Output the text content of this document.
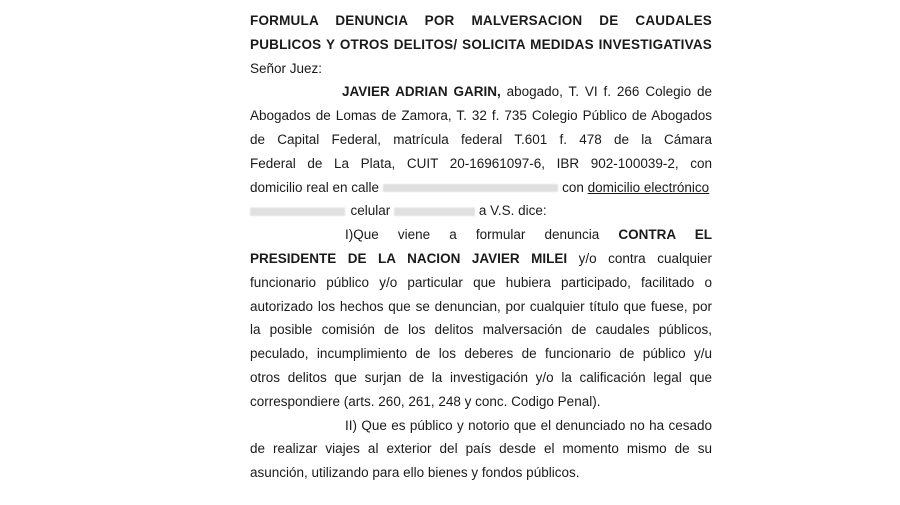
FORMULA DENUNCIA POR MALVERSACION DE CAUDALES
PUBLICOS Y OTROS DELITOS/ SOLICITA MEDIDAS INVESTIGATIVAS
Señor Juez:
JAVIER ADRIAN GARIN, abogado, T. VI f. 266 Colegio de
Abogados de Lomas de Zamora, T. 32 f. 735 Colegio Público de Abogados
de Capital Federal, matrícula federal T.601 f. 478 de la Cámara
Federal de La Plata, CUIT 20-16961097-6, IBR 902-100039-2, con
domicilio real en calle	con domicilio electrónico
celular	a V.S. dice:
I)Que viene a formular denuncia CONTRA EL
PRESIDENTE DE LA NACION JAVIER MILEI y/o contra cualquier
funcionario público y/o particular que hubiera participado, facilitado o
autorizado los hechos que se denuncian, por cualquier título que fuese, por
la posible comisión de los delitos malversación de caudales públicos,
peculado, incumplimiento de los deberes de funcionario de público y/u
otros delitos que surjan de la investigación y/o la calificación legal que
correspondiere (arts. 260, 261, 248 y conc. Codigo Penal).
II) Que es público y notorio que el denunciado no ha cesado
de realizar viajes al exterior del país desde el momento mismo de su
asunción, utilizando para ello bienes y fondos públicos.
